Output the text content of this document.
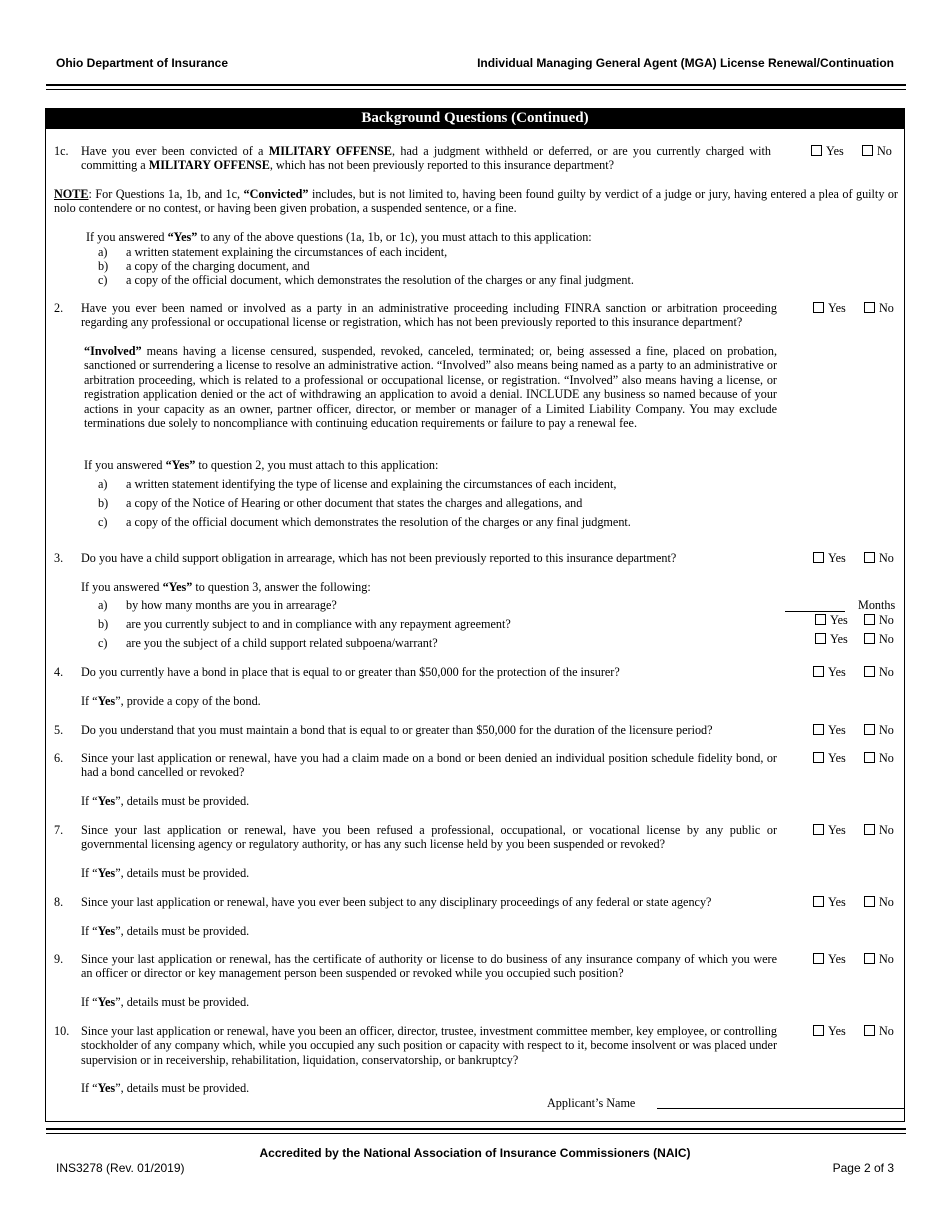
Ohio Department of Insurance	Individual Managing General Agent (MGA) License Renewal/Continuation
Background Questions (Continued)
1c. Have you ever been convicted of a MILITARY OFFENSE, had a judgment withheld or deferred, or are you currently charged with committing a MILITARY OFFENSE, which has not been previously reported to this insurance department?
Yes	No
NOTE: For Questions 1a, 1b, and 1c, “Convicted” includes, but is not limited to, having been found guilty by verdict of a judge or jury, having entered a plea of guilty or nolo contendere or no contest, or having been given probation, a suspended sentence, or a fine.
If you answered “Yes” to any of the above questions (1a, 1b, or 1c), you must attach to this application:
a) a written statement explaining the circumstances of each incident,
b) a copy of the charging document, and
c) a copy of the official document, which demonstrates the resolution of the charges or any final judgment.
2. Have you ever been named or involved as a party in an administrative proceeding including FINRA sanction or arbitration proceeding regarding any professional or occupational license or registration, which has not been previously reported to this insurance department?
Yes	No
“Involved” means having a license censured, suspended, revoked, canceled, terminated; or, being assessed a fine, placed on probation, sanctioned or surrendering a license to resolve an administrative action. “Involved” also means being named as a party to an administrative or arbitration proceeding, which is related to a professional or occupational license, or registration. “Involved” also means having a license, or registration application denied or the act of withdrawing an application to avoid a denial. INCLUDE any business so named because of your actions in your capacity as an owner, partner officer, director, or member or manager of a Limited Liability Company. You may exclude terminations due solely to noncompliance with continuing education requirements or failure to pay a renewal fee.
If you answered “Yes” to question 2, you must attach to this application:
a) a written statement identifying the type of license and explaining the circumstances of each incident,
b) a copy of the Notice of Hearing or other document that states the charges and allegations, and
c) a copy of the official document which demonstrates the resolution of the charges or any final judgment.
3. Do you have a child support obligation in arrearage, which has not been previously reported to this insurance department?	Yes	No
If you answered “Yes” to question 3, answer the following:
a) by how many months are you in arrearage?	Months
b) are you currently subject to and in compliance with any repayment agreement?	Yes	No
c) are you the subject of a child support related subpoena/warrant?	Yes	No
4. Do you currently have a bond in place that is equal to or greater than $50,000 for the protection of the insurer?	Yes	No
If “Yes”, provide a copy of the bond.
5. Do you understand that you must maintain a bond that is equal to or greater than $50,000 for the duration of the licensure period?	Yes	No
6. Since your last application or renewal, have you had a claim made on a bond or been denied an individual position schedule fidelity bond, or had a bond cancelled or revoked?
Yes	No
If “Yes”, details must be provided.
7. Since your last application or renewal, have you been refused a professional, occupational, or vocational license by any public or governmental licensing agency or regulatory authority, or has any such license held by you been suspended or revoked?
Yes	No
If “Yes”, details must be provided.
8. Since your last application or renewal, have you ever been subject to any disciplinary proceedings of any federal or state agency?	Yes	No
If “Yes”, details must be provided.
9. Since your last application or renewal, has the certificate of authority or license to do business of any insurance company of which you were an officer or director or key management person been suspended or revoked while you occupied such position?
Yes	No
If “Yes”, details must be provided.
10. Since your last application or renewal, have you been an officer, director, trustee, investment committee member, key employee, or controlling stockholder of any company which, while you occupied any such position or capacity with respect to it, become insolvent or was placed under supervision or in receivership, rehabilitation, liquidation, conservatorship, or bankruptcy?
Yes	No
If “Yes”, details must be provided.
Applicant’s Name
Accredited by the National Association of Insurance Commissioners (NAIC)
INS3278 (Rev. 01/2019)	Page 2 of 3
